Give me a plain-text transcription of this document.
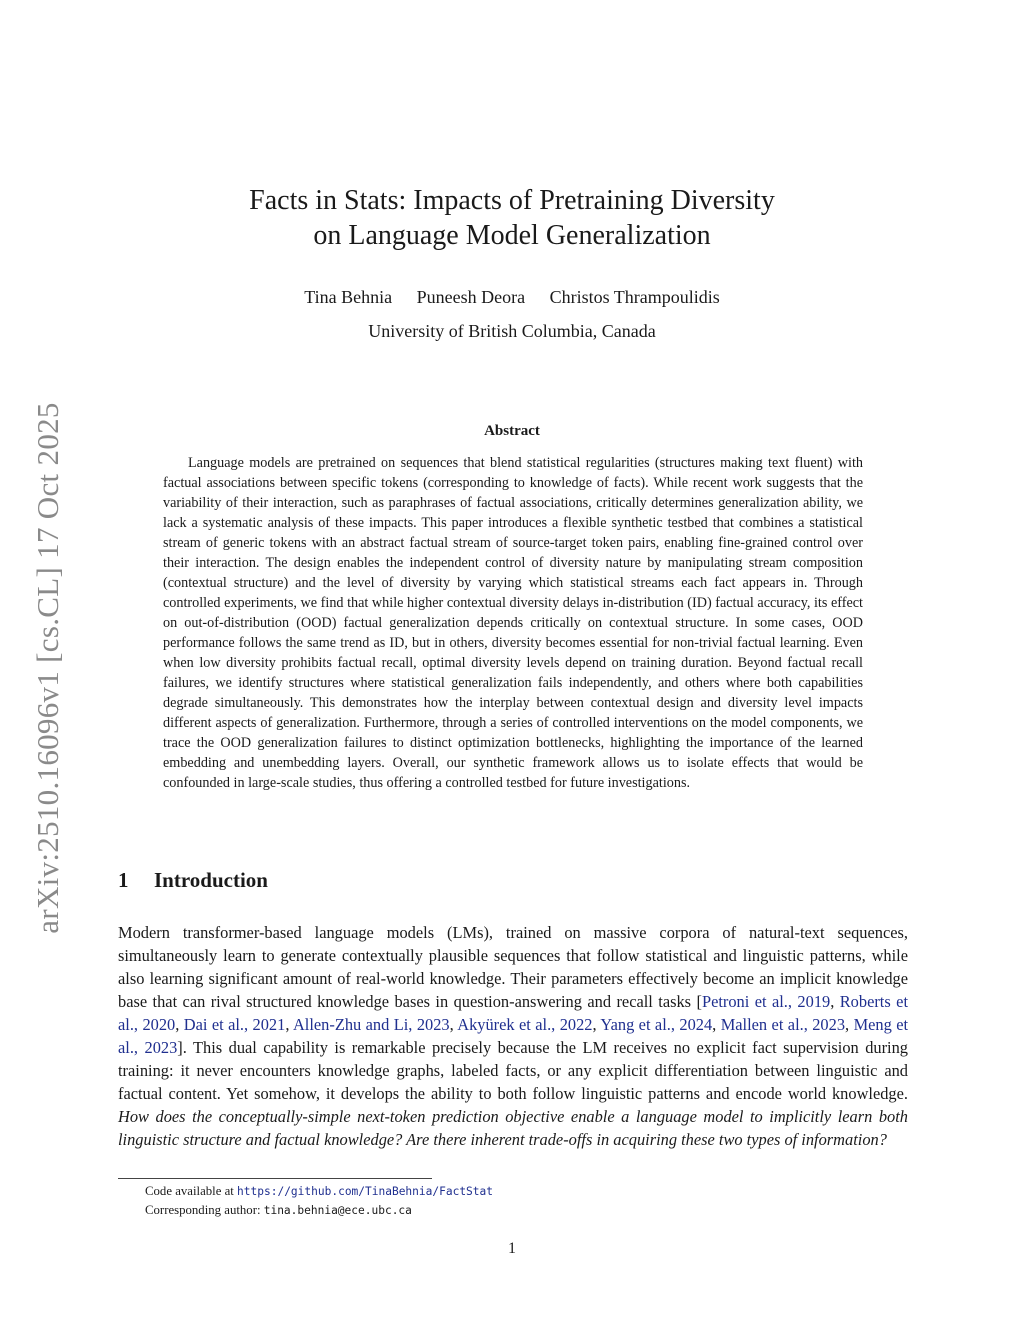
arXiv:2510.16096v1 [cs.CL] 17 Oct 2025
Facts in Stats: Impacts of Pretraining Diversity
on Language Model Generalization
Tina Behnia Puneesh Deora Christos Thrampoulidis
University of British Columbia, Canada
Abstract

Language models are pretrained on sequences that blend statistical regularities (structures making text fluent) with factual associations between specific tokens (corresponding to knowledge of facts). While recent work suggests that the variability of their interaction, such as paraphrases of factual associations, critically determines generalization ability, we lack a systematic analysis of these impacts. This paper introduces a flexible synthetic testbed that combines a statistical stream of generic tokens with an abstract factual stream of source-target token pairs, enabling fine-grained control over their interaction. The design enables the independent control of diversity nature by manipulating stream composition (contextual structure) and the level of diversity by varying which statistical streams each fact appears in. Through controlled experiments, we find that while higher contextual diversity delays in-distribution (ID) factual accuracy, its effect on out-of-distribution (OOD) factual generalization depends critically on contextual structure. In some cases, OOD performance follows the same trend as ID, but in others, diversity becomes essential for non-trivial factual learning. Even when low diversity prohibits factual recall, optimal diversity levels depend on training duration. Beyond factual recall failures, we identify structures where statistical generalization fails independently, and others where both capabilities degrade simultaneously. This demonstrates how the interplay between contextual design and diversity level impacts different aspects of generalization. Furthermore, through a series of controlled interventions on the model components, we trace the OOD generalization failures to distinct optimization bottlenecks, highlighting the importance of the learned embedding and unembedding layers. Overall, our synthetic framework allows us to isolate effects that would be confounded in large-scale studies, thus offering a controlled testbed for future investigations.

1 Introduction

Modern transformer-based language models (LMs), trained on massive corpora of natural-text sequences, simultaneously learn to generate contextually plausible sequences that follow statistical and linguistic patterns, while also learning significant amount of real-world knowledge. Their parameters effectively become an implicit knowledge base that can rival structured knowledge bases in question-answering and recall tasks [Petroni et al., 2019, Roberts et al., 2020, Dai et al., 2021, Allen-Zhu and Li, 2023, Akyürek et al., 2022, Yang et al., 2024, Mallen et al., 2023, Meng et al., 2023]. This dual capability is remarkable precisely because the LM receives no explicit fact supervision during training: it never encounters knowledge graphs, labeled facts, or any explicit differentiation between linguistic and factual content. Yet somehow, it develops the ability to both follow linguistic patterns and encode world knowledge. How does the conceptually-simple next-token prediction objective enable a language model to implicitly learn both linguistic structure and factual knowledge? Are there inherent trade-offs in acquiring these two types of information?

Code available at https://github.com/TinaBehnia/FactStat
Corresponding author: tina.behnia@ece.ubc.ca
1
